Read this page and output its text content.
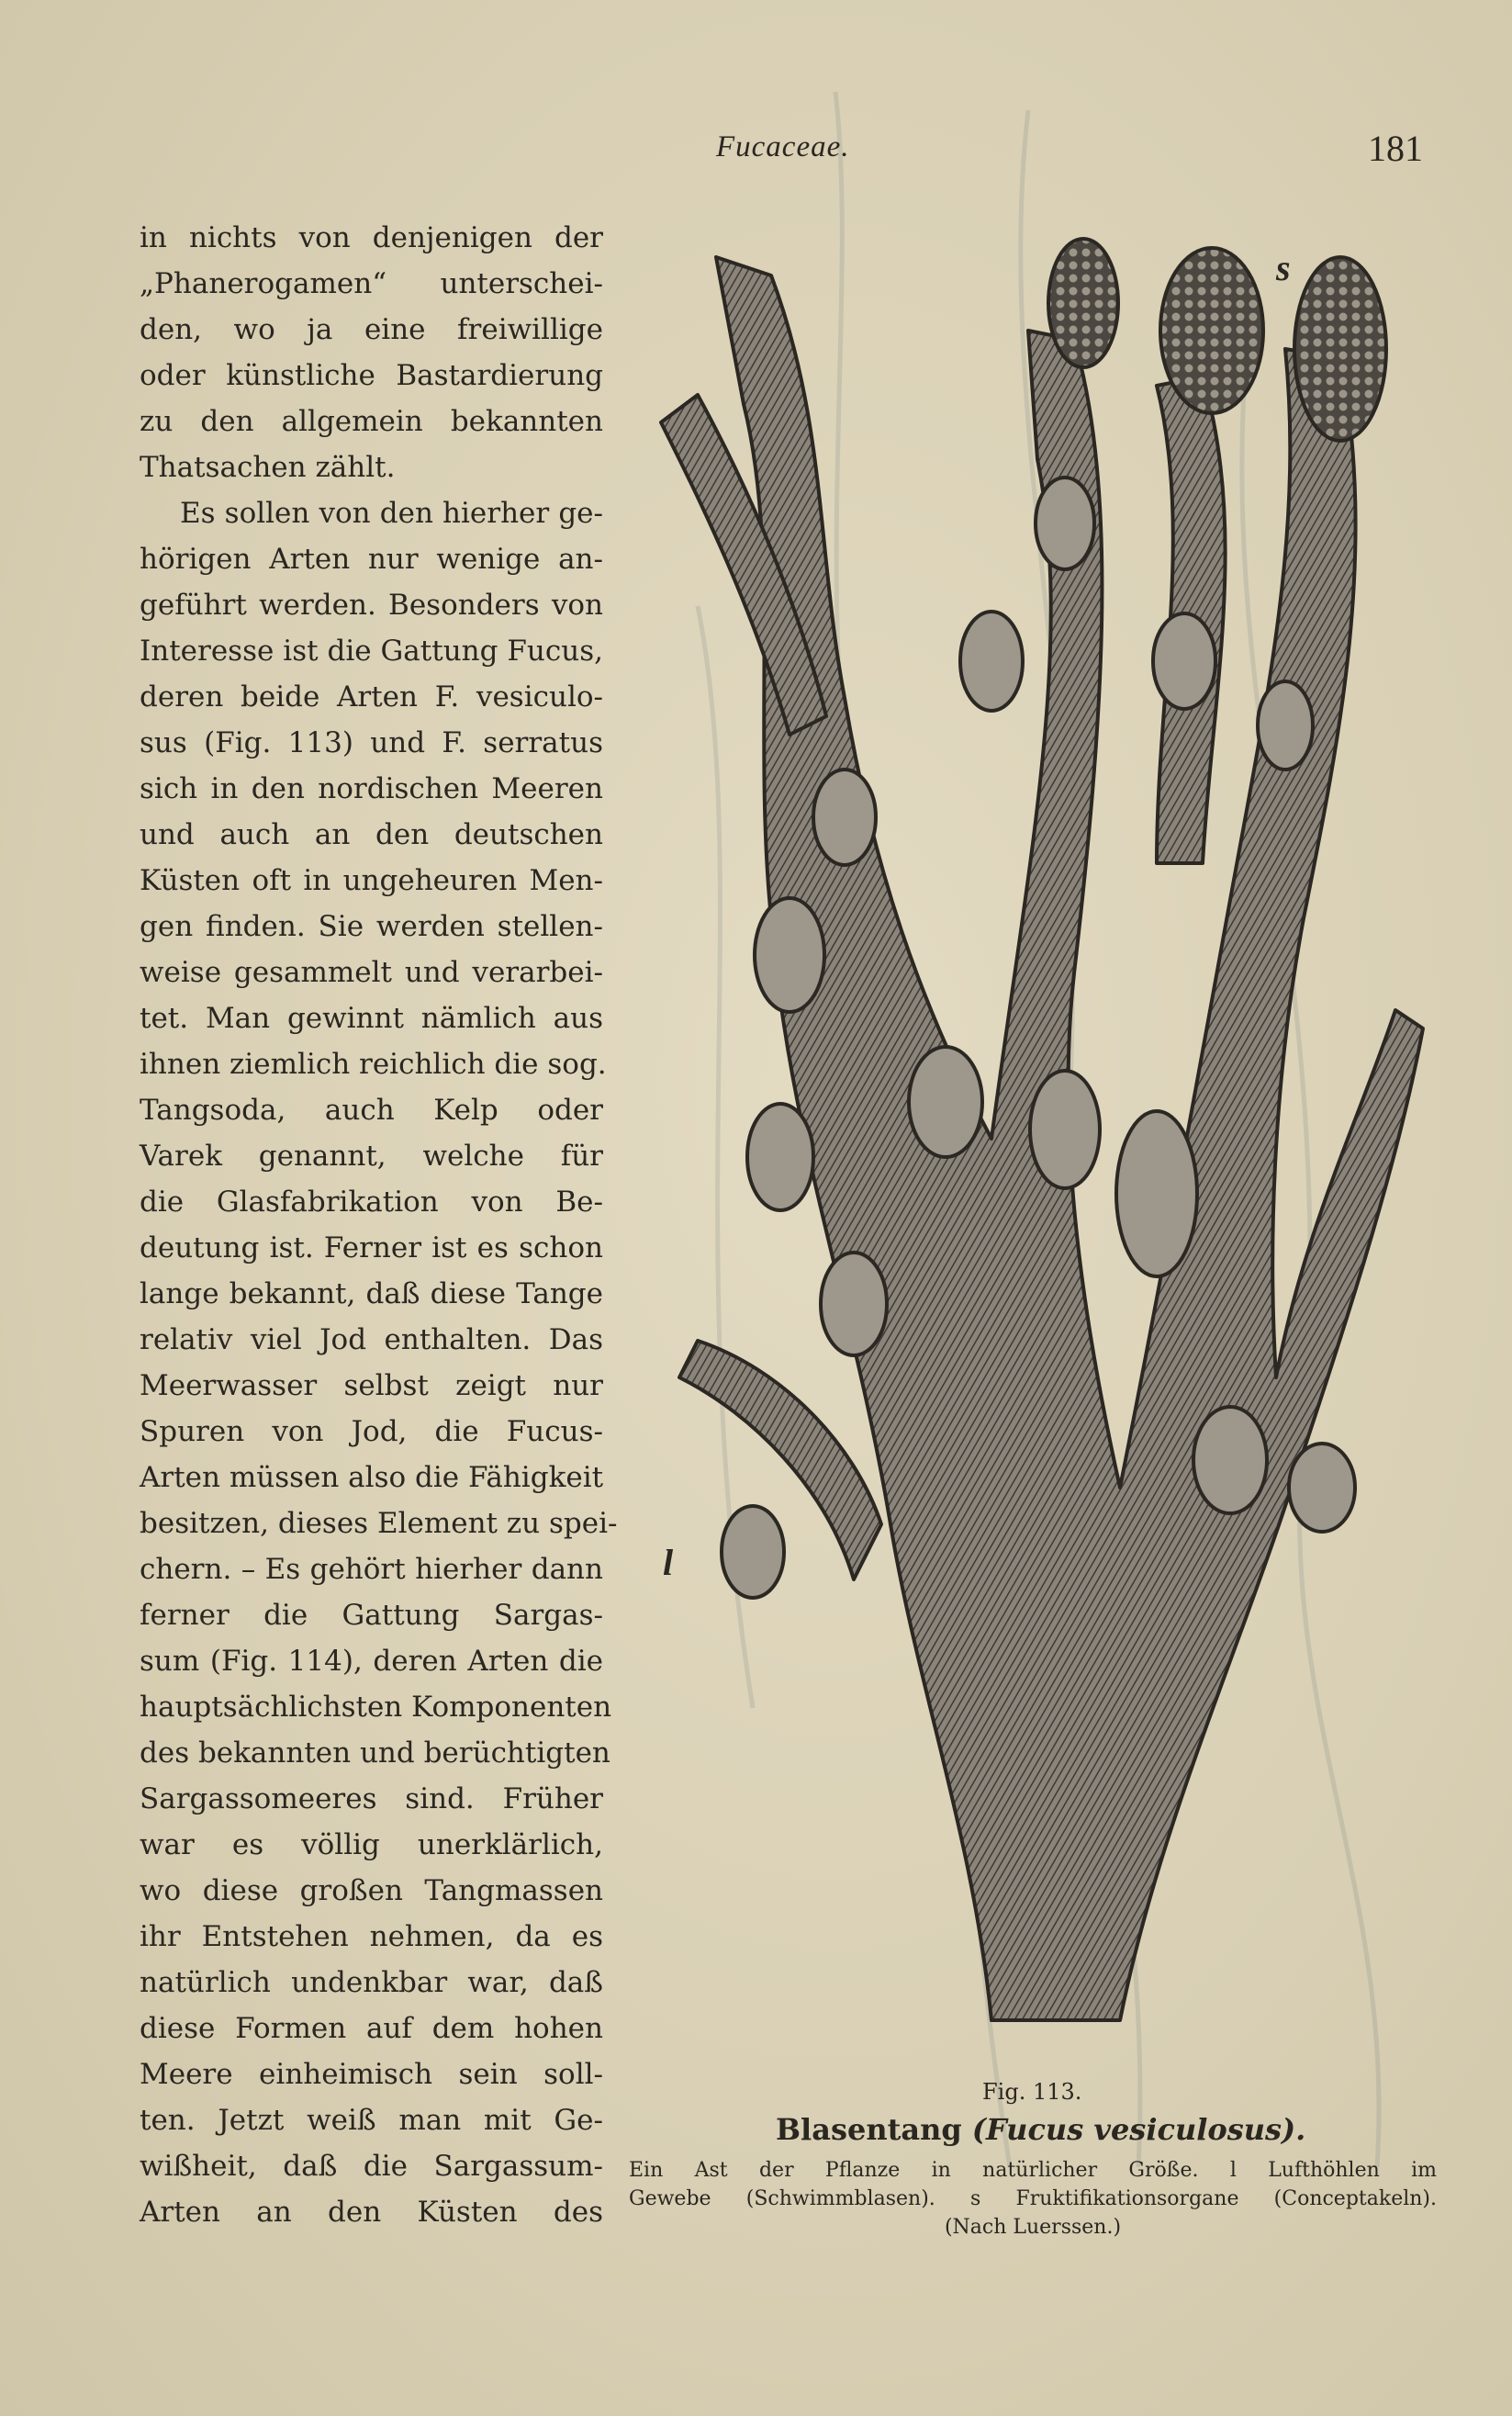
Fucaceae.	181
in nichts von denjenigen der
„Phanerogamen“ unterschei-
den, wo ja eine freiwillige
oder künstliche Bastardierung
zu den allgemein bekannten
Thatsachen zählt.
Es sollen von den hierher ge-
hörigen Arten nur wenige an-
geführt werden. Besonders von
Interesse ist die Gattung Fucus,
deren beide Arten F. vesiculo-
sus (Fig. 113) und F. serratus
sich in den nordischen Meeren
und auch an den deutschen
Küsten oft in ungeheuren Men-
gen finden. Sie werden stellen-
weise gesammelt und verarbei-
tet. Man gewinnt nämlich aus
ihnen ziemlich reichlich die sog.
Tangsoda, auch Kelp oder
Varek genannt, welche für
die Glasfabrikation von Be-
deutung ist. Ferner ist es schon
lange bekannt, daß diese Tange
relativ viel Jod enthalten. Das
Meerwasser selbst zeigt nur
Spuren von Jod, die Fucus-
Arten müssen also die Fähigkeit
besitzen, dieses Element zu spei-
chern. – Es gehört hierher dann
ferner die Gattung Sargas-
sum (Fig. 114), deren Arten die
hauptsächlichsten Komponenten
des bekannten und berüchtigten
Sargassomeeres sind. Früher
war es völlig unerklärlich,
wo diese großen Tangmassen
ihr Entstehen nehmen, da es
natürlich undenkbar war, daß
diese Formen auf dem hohen
Meere einheimisch sein soll-
ten. Jetzt weiß man mit Ge-
wißheit, daß die Sargassum-
Arten an den Küsten des
s
l
Fig. 113.
Blasentang (Fucus vesiculosus).
Ein Ast der Pflanze in natürlicher Größe. l Lufthöhlen im
Gewebe (Schwimmblasen). s Fruktifikationsorgane (Conceptakeln).
(Nach Luerssen.)
